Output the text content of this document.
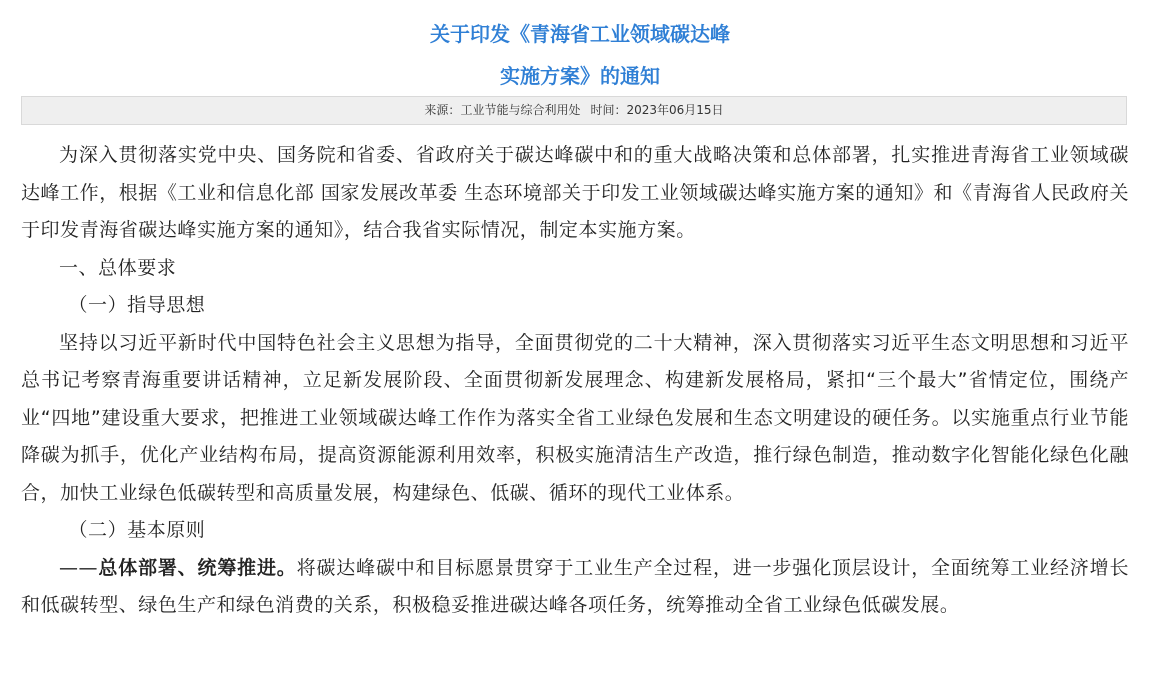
关于印发《青海省工业领域碳达峰
实施方案》的通知
来源：工业节能与综合利用处 时间：2023年06月15日

为深入贯彻落实党中央、国务院和省委、省政府关于碳达峰碳中和的重大战略决策和总体部署，扎实推进青海省工业领域碳达峰工作，根据《工业和信息化部 国家发展改革委 生态环境部关于印发工业领域碳达峰实施方案的通知》和《青海省人民政府关于印发青海省碳达峰实施方案的通知》，结合我省实际情况，制定本实施方案。

一、总体要求

（一）指导思想

坚持以习近平新时代中国特色社会主义思想为指导，全面贯彻党的二十大精神，深入贯彻落实习近平生态文明思想和习近平总书记考察青海重要讲话精神，立足新发展阶段、全面贯彻新发展理念、构建新发展格局，紧扣“三个最大”省情定位，围绕产业“四地”建设重大要求，把推进工业领域碳达峰工作作为落实全省工业绿色发展和生态文明建设的硬任务。以实施重点行业节能降碳为抓手，优化产业结构布局，提高资源能源利用效率，积极实施清洁生产改造，推行绿色制造，推动数字化智能化绿色化融合，加快工业绿色低碳转型和高质量发展，构建绿色、低碳、循环的现代工业体系。

（二）基本原则

——总体部署、统筹推进。将碳达峰碳中和目标愿景贯穿于工业生产全过程，进一步强化顶层设计，全面统筹工业经济增长和低碳转型、绿色生产和绿色消费的关系，积极稳妥推进碳达峰各项任务，统筹推动全省工业绿色低碳发展。
